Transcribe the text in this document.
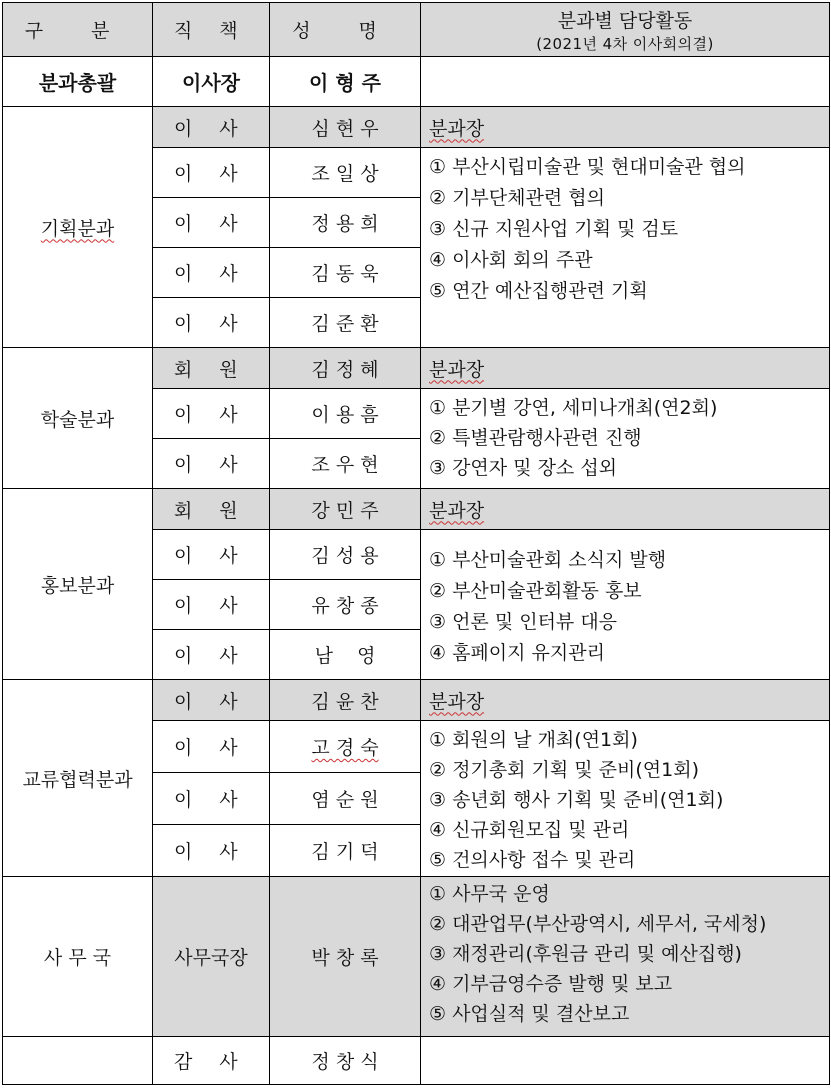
구 분	직 책	성 명	분과별 담당활동
(2021년 4차 이사회의결)

분과총괄	이사장	이 형 주	
기획분과	이 사	심 현 우	분과장
	이 사	조 일 상	① 부산시립미술관 및 현대미술관 협의
② 기부단체관련 협의
③ 신규 지원사업 기획 및 검토
④ 이사회 회의 주관
⑤ 연간 예산집행관련 기획

	이 사	정 용 희	
	이 사	김 동 욱	
	이 사	김 준 환	
학술분과	회 원	김 정 혜	분과장
	이 사	이 용 흠	① 분기별 강연, 세미나개최(연2회)
② 특별관람행사관련 진행
③ 강연자 및 장소 섭외

	이 사	조 우 현	
홍보분과	회 원	강 민 주	분과장
	이 사	김 성 용	① 부산미술관회 소식지 발행
② 부산미술관회활동 홍보
③ 언론 및 인터뷰 대응
④ 홈페이지 유지관리

	이 사	유 창 종	
	이 사	남    영	
교류협력분과	이 사	김 윤 찬	분과장
	이 사	고 경 숙	① 회원의 날 개최(연1회)
② 정기총회 기획 및 준비(연1회)
③ 송년회 행사 기획 및 준비(연1회)
④ 신규회원모집 및 관리
⑤ 건의사항 접수 및 관리

	이 사	염 순 원	
	이 사	김 기 덕	
사 무 국	사무국장	박 창 록	① 사무국 운영
② 대관업무(부산광역시, 세무서, 국세청)
③ 재정관리(후원금 관리 및 예산집행)
④ 기부금영수증 발행 및 보고
⑤ 사업실적 및 결산보고

	감 사	정 창 식	
